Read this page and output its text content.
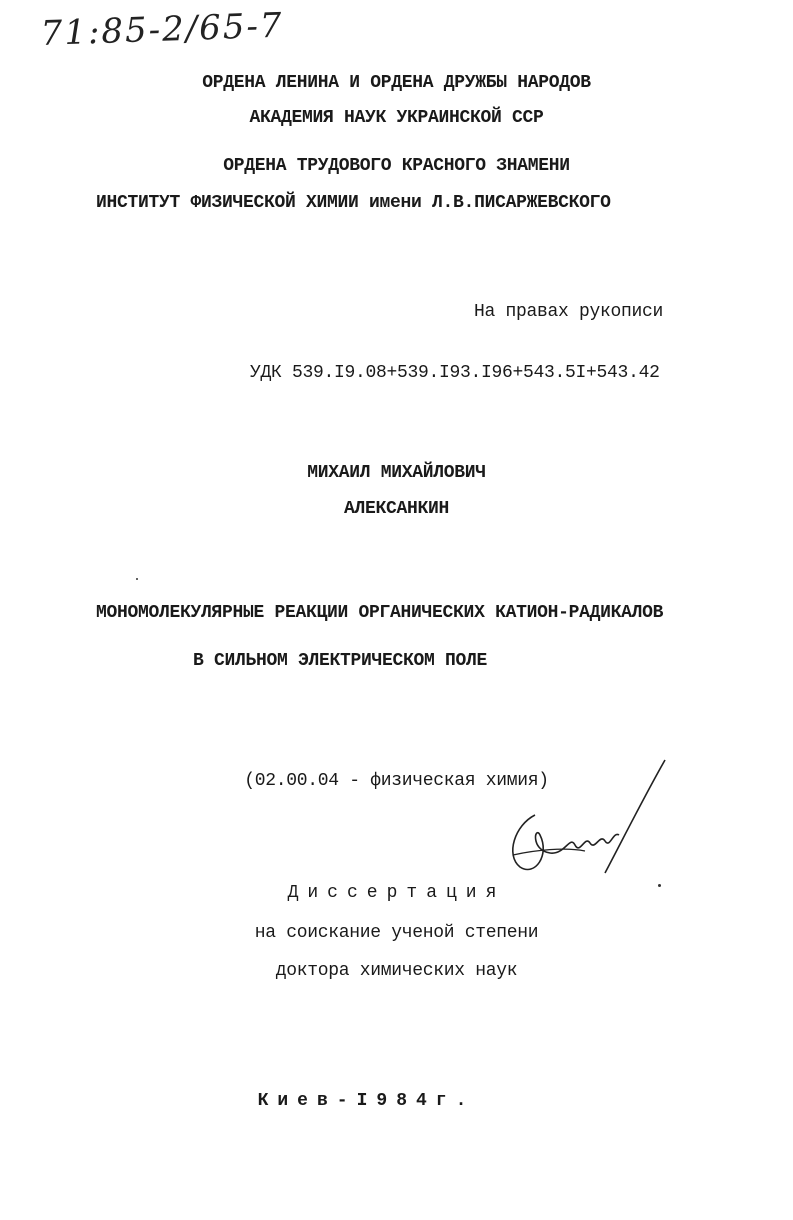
71:85-2/65-7
ОРДЕНА ЛЕНИНА И ОРДЕНА ДРУЖБЫ НАРОДОВ
АКАДЕМИЯ НАУК УКРАИНСКОЙ ССР
ОРДЕНА ТРУДОВОГО КРАСНОГО ЗНАМЕНИ
ИНСТИТУТ ФИЗИЧЕСКОЙ ХИМИИ имени Л.В.ПИСАРЖЕВСКОГО
На правах рукописи
УДК 539.I9.08+539.I93.I96+543.5I+543.42
МИХАИЛ МИХАЙЛОВИЧ
АЛЕКСАНКИН
МОНОМОЛЕКУЛЯРНЫЕ РЕАКЦИИ ОРГАНИЧЕСКИХ КАТИОН-РАДИКАЛОВ
В СИЛЬНОМ ЭЛЕКТРИЧЕСКОМ ПОЛЕ
(02.00.04 - физическая химия)
Диссертация
на соискание ученой степени
доктора химических наук
Киев-I984г.
